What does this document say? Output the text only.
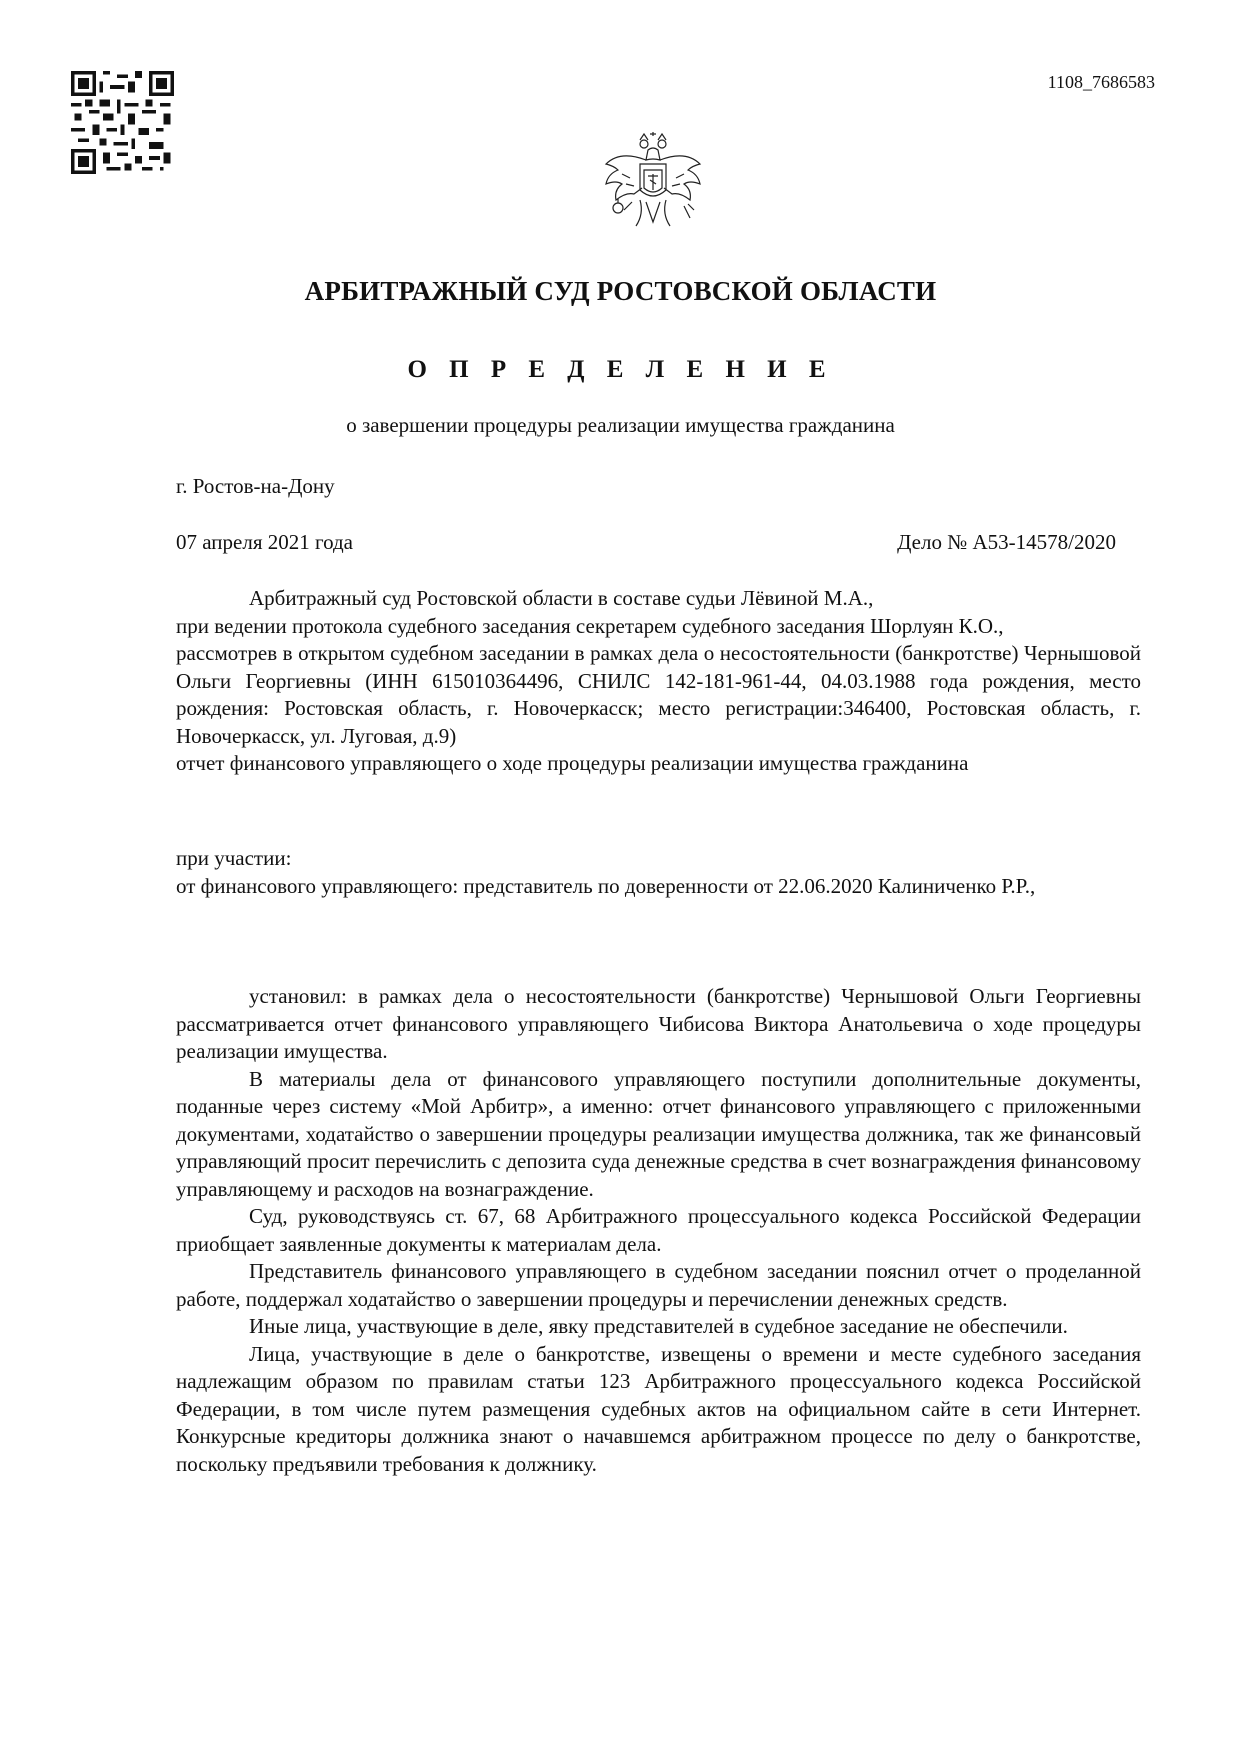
1108_7686583
АРБИТРАЖНЫЙ СУД РОСТОВСКОЙ ОБЛАСТИ
О П Р Е Д Е Л Е Н И Е
о завершении процедуры реализации имущества гражданина
г. Ростов-на-Дону
07 апреля 2021 года	Дело № А53-14578/2020

Арбитражный суд Ростовской области в составе судьи Лёвиной М.А.,

при ведении протокола судебного заседания секретарем судебного заседания Шорлуян К.О.,

рассмотрев в открытом судебном заседании в рамках дела о несостоятельности (банкротстве) Чернышовой Ольги Георгиевны (ИНН 615010364496, СНИЛС 142-181-961-44, 04.03.1988 года рождения, место рождения: Ростовская область, г. Новочеркасск; место регистрации:346400, Ростовская область, г. Новочеркасск, ул. Луговая, д.9)

отчет финансового управляющего о ходе процедуры реализации имущества гражданина

при участии:

от финансового управляющего: представитель по доверенности от 22.06.2020 Калиниченко Р.Р.,

установил: в рамках дела о несостоятельности (банкротстве) Чернышовой Ольги Георгиевны рассматривается отчет финансового управляющего Чибисова Виктора Анатольевича о ходе процедуры реализации имущества.

В материалы дела от финансового управляющего поступили дополнительные документы, поданные через систему «Мой Арбитр», а именно: отчет финансового управляющего с приложенными документами, ходатайство о завершении процедуры реализации имущества должника, так же финансовый управляющий просит перечислить с депозита суда денежные средства в счет вознаграждения финансовому управляющему и расходов на вознаграждение.

Суд, руководствуясь ст. 67, 68 Арбитражного процессуального кодекса Российской Федерации приобщает заявленные документы к материалам дела.

Представитель финансового управляющего в судебном заседании пояснил отчет о проделанной работе, поддержал ходатайство о завершении процедуры и перечислении денежных средств.

Иные лица, участвующие в деле, явку представителей в судебное заседание не обеспечили.

Лица, участвующие в деле о банкротстве, извещены о времени и месте судебного заседания надлежащим образом по правилам статьи 123 Арбитражного процессуального кодекса Российской Федерации, в том числе путем размещения судебных актов на официальном сайте в сети Интернет. Конкурсные кредиторы должника знают о начавшемся арбитражном процессе по делу о банкротстве, поскольку предъявили требования к должнику.
